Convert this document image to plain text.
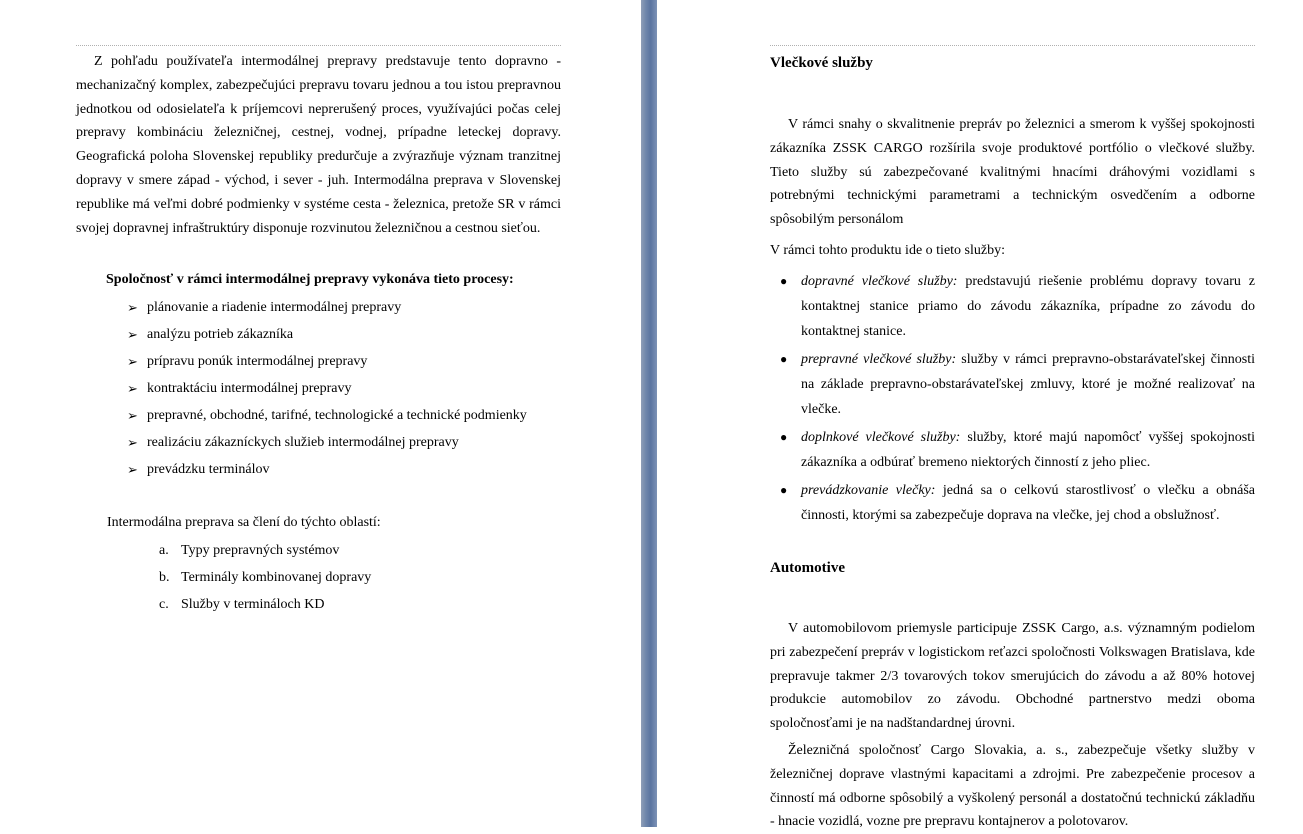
Z pohľadu používateľa intermodálnej prepravy predstavuje tento dopravno - mechanizačný komplex, zabezpečujúci prepravu tovaru jednou a tou istou prepravnou jednotkou od odosielateľa k príjemcovi neprerušený proces, využívajúci počas celej prepravy kombináciu železničnej, cestnej, vodnej, prípadne leteckej dopravy. Geografická poloha Slovenskej republiky predurčuje a zvýrazňuje význam tranzitnej dopravy v smere západ - východ, i sever - juh. Intermodálna preprava v Slovenskej republike má veľmi dobré podmienky v systéme cesta - železnica, pretože SR v rámci svojej dopravnej infraštruktúry disponuje rozvinutou železničnou a cestnou sieťou.

Spoločnosť v rámci intermodálnej prepravy vykonáva tieto procesy:

➢ plánovanie a riadenie intermodálnej prepravy
➢ analýzu potrieb zákazníka
➢ prípravu ponúk intermodálnej prepravy
➢ kontraktáciu intermodálnej prepravy
➢ prepravné, obchodné, tarifné, technologické a technické podmienky
➢ realizáciu zákazníckych služieb intermodálnej prepravy
➢ prevádzku terminálov

Intermodálna preprava sa člení do týchto oblastí:

a. Typy prepravných systémov
b. Terminály kombinovanej dopravy
c. Služby v termináloch KD

Vlečkové služby

V rámci snahy o skvalitnenie prepráv po železnici a smerom k vyššej spokojnosti zákazníka ZSSK CARGO rozšírila svoje produktové portfólio o vlečkové služby. Tieto služby sú zabezpečované kvalitnými hnacími dráhovými vozidlami s potrebnými technickými parametrami a technickým osvedčením a odborne spôsobilým personálom

V rámci tohto produktu ide o tieto služby:

● dopravné vlečkové služby: predstavujú riešenie problému dopravy tovaru z kontaktnej stanice priamo do závodu zákazníka, prípadne zo závodu do kontaktnej stanice.
● prepravné vlečkové služby: služby v rámci prepravno-obstarávateľskej činnosti na základe prepravno-obstarávateľskej zmluvy, ktoré je možné realizovať na vlečke.
● doplnkové vlečkové služby: služby, ktoré majú napomôcť vyššej spokojnosti zákazníka a odbúrať bremeno niektorých činností z jeho pliec.
● prevádzkovanie vlečky: jedná sa o celkovú starostlivosť o vlečku a obnáša činnosti, ktorými sa zabezpečuje doprava na vlečke, jej chod a obslužnosť.

Automotive

V automobilovom priemysle participuje ZSSK Cargo, a.s. významným podielom pri zabezpečení prepráv v logistickom reťazci spoločnosti Volkswagen Bratislava, kde prepravuje takmer 2/3 tovarových tokov smerujúcich do závodu a až 80% hotovej produkcie automobilov zo závodu. Obchodné partnerstvo medzi oboma spoločnosťami je na nadštandardnej úrovni.

Železničná spoločnosť Cargo Slovakia, a. s., zabezpečuje všetky služby v železničnej doprave vlastnými kapacitami a zdrojmi. Pre zabezpečenie procesov a činností má odborne spôsobilý a vyškolený personál a dostatočnú technickú základňu - hnacie vozidlá, vozne pre prepravu kontajnerov a polotovarov.
